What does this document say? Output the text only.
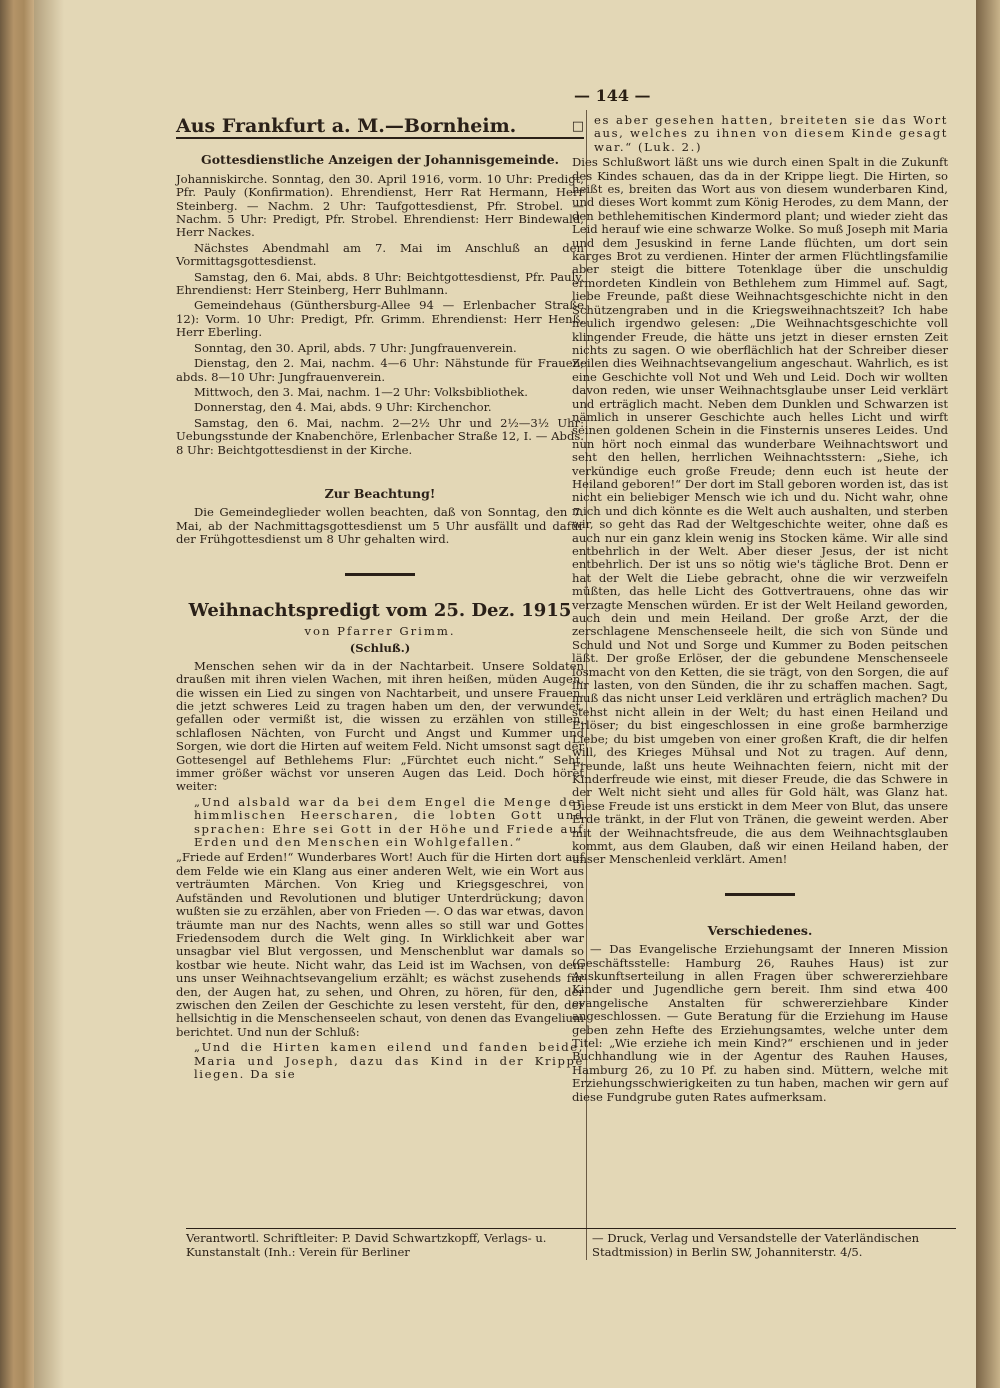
— 144 —
Aus Frankfurt a. M.—Bornheim.	□
Gottesdienstliche Anzeigen der Johannisgemeinde.

Johanniskirche. Sonntag, den 30. April 1916, vorm. 10 Uhr: Predigt, Pfr. Pauly (Konfirmation). Ehrendienst, Herr Rat Hermann, Herr Steinberg. — Nachm. 2 Uhr: Taufgottesdienst, Pfr. Strobel. — Nachm. 5 Uhr: Predigt, Pfr. Strobel. Ehrendienst: Herr Bindewald, Herr Nackes.

Nächstes Abendmahl am 7. Mai im Anschluß an den Vormittagsgottesdienst.

Samstag, den 6. Mai, abds. 8 Uhr: Beichtgottesdienst, Pfr. Pauly. Ehrendienst: Herr Steinberg, Herr Buhlmann.

Gemeindehaus (Günthersburg-Allee 94 — Erlenbacher Straße 12): Vorm. 10 Uhr: Predigt, Pfr. Grimm. Ehrendienst: Herr Henß, Herr Eberling.

Sonntag, den 30. April, abds. 7 Uhr: Jungfrauenverein.

Dienstag, den 2. Mai, nachm. 4—6 Uhr: Nähstunde für Frauen; abds. 8—10 Uhr: Jungfrauenverein.

Mittwoch, den 3. Mai, nachm. 1—2 Uhr: Volksbibliothek.

Donnerstag, den 4. Mai, abds. 9 Uhr: Kirchenchor.

Samstag, den 6. Mai, nachm. 2—2½ Uhr und 2½—3½ Uhr: Uebungsstunde der Knabenchöre, Erlenbacher Straße 12, I. — Abds. 8 Uhr: Beichtgottesdienst in der Kirche.

Zur Beachtung!

Die Gemeindeglieder wollen beachten, daß von Sonntag, den 7. Mai, ab der Nachmittagsgottesdienst um 5 Uhr ausfällt und dafür der Frühgottesdienst um 8 Uhr gehalten wird.

Weihnachtspredigt vom 25. Dez. 1915
von Pfarrer Grimm.
(Schluß.)

Menschen sehen wir da in der Nachtarbeit. Unsere Soldaten draußen mit ihren vielen Wachen, mit ihren heißen, müden Augen, die wissen ein Lied zu singen von Nachtarbeit, und unsere Frauen, die jetzt schweres Leid zu tragen haben um den, der verwundet, gefallen oder vermißt ist, die wissen zu erzählen von stillen, schlaflosen Nächten, von Furcht und Angst und Kummer und Sorgen, wie dort die Hirten auf weitem Feld. Nicht umsonst sagt der Gottesengel auf Bethlehems Flur: „Fürchtet euch nicht.“ Seht, immer größer wächst vor unseren Augen das Leid. Doch höret weiter:

„Und alsbald war da bei dem Engel die Menge der himmlischen Heerscharen, die lobten Gott und sprachen: Ehre sei Gott in der Höhe und Friede auf Erden und den Menschen ein Wohlgefallen.“

„Friede auf Erden!“ Wunderbares Wort! Auch für die Hirten dort auf dem Felde wie ein Klang aus einer anderen Welt, wie ein Wort aus verträumten Märchen. Von Krieg und Kriegsgeschrei, von Aufständen und Revolutionen und blutiger Unterdrückung; davon wußten sie zu erzählen, aber von Frieden —. O das war etwas, davon träumte man nur des Nachts, wenn alles so still war und Gottes Friedensodem durch die Welt ging. In Wirklichkeit aber war unsagbar viel Blut vergossen, und Menschenblut war damals so kostbar wie heute. Nicht wahr, das Leid ist im Wachsen, von dem uns unser Weihnachtsevangelium erzählt; es wächst zusehends für den, der Augen hat, zu sehen, und Ohren, zu hören, für den, der zwischen den Zeilen der Geschichte zu lesen versteht, für den, der hellsichtig in die Menschenseelen schaut, von denen das Evangelium berichtet. Und nun der Schluß:

„Und die Hirten kamen eilend und fanden beide, Maria und Joseph, dazu das Kind in der Krippe liegen. Da sie

es aber gesehen hatten, breiteten sie das Wort aus, welches zu ihnen von diesem Kinde gesagt war.“ (Luk. 2.)

Dies Schlußwort läßt uns wie durch einen Spalt in die Zukunft des Kindes schauen, das da in der Krippe liegt. Die Hirten, so heißt es, breiten das Wort aus von diesem wunderbaren Kind, und dieses Wort kommt zum König Herodes, zu dem Mann, der den bethlehemitischen Kindermord plant; und wieder zieht das Leid herauf wie eine schwarze Wolke. So muß Joseph mit Maria und dem Jesuskind in ferne Lande flüchten, um dort sein karges Brot zu verdienen. Hinter der armen Flüchtlingsfamilie aber steigt die bittere Totenklage über die unschuldig ermordeten Kindlein von Bethlehem zum Himmel auf. Sagt, liebe Freunde, paßt diese Weihnachtsgeschichte nicht in den Schützengraben und in die Kriegsweihnachtszeit? Ich habe neulich irgendwo gelesen: „Die Weihnachtsgeschichte voll klingender Freude, die hätte uns jetzt in dieser ernsten Zeit nichts zu sagen. O wie oberflächlich hat der Schreiber dieser Zeilen dies Weihnachtsevangelium angeschaut. Wahrlich, es ist eine Geschichte voll Not und Weh und Leid. Doch wir wollten davon reden, wie unser Weihnachtsglaube unser Leid verklärt und erträglich macht. Neben dem Dunklen und Schwarzen ist nämlich in unserer Geschichte auch helles Licht und wirft seinen goldenen Schein in die Finsternis unseres Leides. Und nun hört noch einmal das wunderbare Weihnachtswort und seht den hellen, herrlichen Weihnachtsstern: „Siehe, ich verkündige euch große Freude; denn euch ist heute der Heiland geboren!“ Der dort im Stall geboren worden ist, das ist nicht ein beliebiger Mensch wie ich und du. Nicht wahr, ohne mich und dich könnte es die Welt auch aushalten, und sterben wir, so geht das Rad der Weltgeschichte weiter, ohne daß es auch nur ein ganz klein wenig ins Stocken käme. Wir alle sind entbehrlich in der Welt. Aber dieser Jesus, der ist nicht entbehrlich. Der ist uns so nötig wie's tägliche Brot. Denn er hat der Welt die Liebe gebracht, ohne die wir verzweifeln müßten, das helle Licht des Gottvertrauens, ohne das wir verzagte Menschen würden. Er ist der Welt Heiland geworden, auch dein und mein Heiland. Der große Arzt, der die zerschlagene Menschenseele heilt, die sich von Sünde und Schuld und Not und Sorge und Kummer zu Boden peitschen läßt. Der große Erlöser, der die gebundene Menschenseele losmacht von den Ketten, die sie trägt, von den Sorgen, die auf ihr lasten, von den Sünden, die ihr zu schaffen machen. Sagt, muß das nicht unser Leid verklären und erträglich machen? Du stehst nicht allein in der Welt; du hast einen Heiland und Erlöser; du bist eingeschlossen in eine große barmherzige Liebe; du bist umgeben von einer großen Kraft, die dir helfen will, des Krieges Mühsal und Not zu tragen. Auf denn, Freunde, laßt uns heute Weihnachten feiern, nicht mit der Kinderfreude wie einst, mit dieser Freude, die das Schwere in der Welt nicht sieht und alles für Gold hält, was Glanz hat. Diese Freude ist uns erstickt in dem Meer von Blut, das unsere Erde tränkt, in der Flut von Tränen, die geweint werden. Aber mit der Weihnachtsfreude, die aus dem Weihnachtsglauben kommt, aus dem Glauben, daß wir einen Heiland haben, der unser Menschenleid verklärt. Amen!

Verschiedenes.

— Das Evangelische Erziehungsamt der Inneren Mission (Geschäftsstelle: Hamburg 26, Rauhes Haus) ist zur Auskunftserteilung in allen Fragen über schwererziehbare Kinder und Jugendliche gern bereit. Ihm sind etwa 400 evangelische Anstalten für schwererziehbare Kinder angeschlossen. — Gute Beratung für die Erziehung im Hause geben zehn Hefte des Erziehungsamtes, welche unter dem Titel: „Wie erziehe ich mein Kind?“ erschienen und in jeder Buchhandlung wie in der Agentur des Rauhen Hauses, Hamburg 26, zu 10 Pf. zu haben sind. Müttern, welche mit Erziehungsschwierigkeiten zu tun haben, machen wir gern auf diese Fundgrube guten Rates aufmerksam.

Verantwortl. Schriftleiter: P. David Schwartzkopff, Verlags- u. Kunstanstalt (Inh.: Verein für Berliner— Druck, Verlag und Versandstelle der Vaterländischen Stadtmission) in Berlin SW, Johanniterstr. 4/5.
